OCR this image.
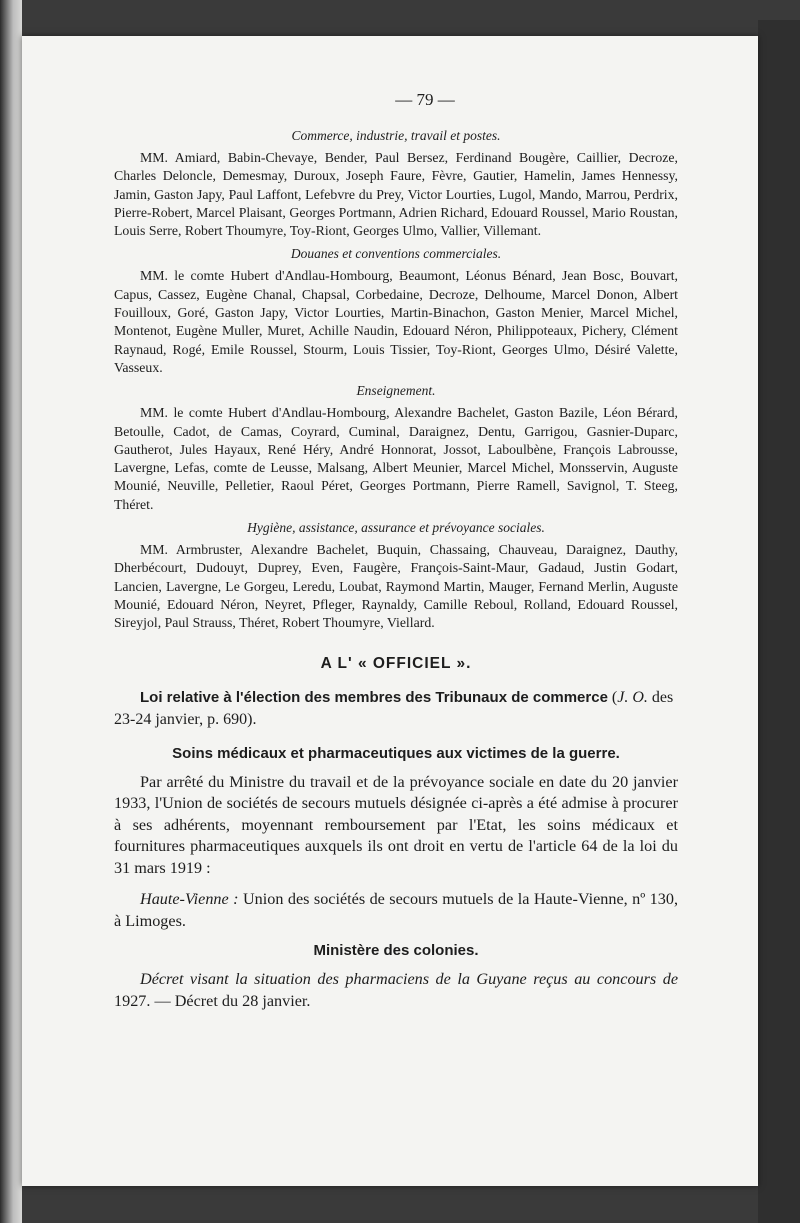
— 79 —
Commerce, industrie, travail et postes.

MM. Amiard, Babin-Chevaye, Bender, Paul Bersez, Ferdinand Bougère, Caillier, Decroze, Charles Deloncle, Demesmay, Duroux, Joseph Faure, Fèvre, Gautier, Hamelin, James Hennessy, Jamin, Gaston Japy, Paul Laffont, Lefebvre du Prey, Victor Lourties, Lugol, Mando, Marrou, Perdrix, Pierre-Robert, Marcel Plaisant, Georges Portmann, Adrien Richard, Edouard Roussel, Mario Roustan, Louis Serre, Robert Thoumyre, Toy-Riont, Georges Ulmo, Vallier, Villemant.

Douanes et conventions commerciales.

MM. le comte Hubert d'Andlau-Hombourg, Beaumont, Léonus Bénard, Jean Bosc, Bouvart, Capus, Cassez, Eugène Chanal, Chapsal, Corbedaine, Decroze, Delhoume, Marcel Donon, Albert Fouilloux, Goré, Gaston Japy, Victor Lourties, Martin-Binachon, Gaston Menier, Marcel Michel, Montenot, Eugène Muller, Muret, Achille Naudin, Edouard Néron, Philippoteaux, Pichery, Clément Raynaud, Rogé, Emile Roussel, Stourm, Louis Tissier, Toy-Riont, Georges Ulmo, Désiré Valette, Vasseux.

Enseignement.

MM. le comte Hubert d'Andlau-Hombourg, Alexandre Bachelet, Gaston Bazile, Léon Bérard, Betoulle, Cadot, de Camas, Coyrard, Cuminal, Daraignez, Dentu, Garrigou, Gasnier-Duparc, Gautherot, Jules Hayaux, René Héry, André Honnorat, Jossot, Laboulbène, François Labrousse, Lavergne, Lefas, comte de Leusse, Malsang, Albert Meunier, Marcel Michel, Monsservin, Auguste Mounié, Neuville, Pelletier, Raoul Péret, Georges Portmann, Pierre Ramell, Savignol, T. Steeg, Théret.

Hygiène, assistance, assurance et prévoyance sociales.

MM. Armbruster, Alexandre Bachelet, Buquin, Chassaing, Chauveau, Daraignez, Dauthy, Dherbécourt, Dudouyt, Duprey, Even, Faugère, François-Saint-Maur, Gadaud, Justin Godart, Lancien, Lavergne, Le Gorgeu, Leredu, Loubat, Raymond Martin, Mauger, Fernand Merlin, Auguste Mounié, Edouard Néron, Neyret, Pfleger, Raynaldy, Camille Reboul, Rolland, Edouard Roussel, Sireyjol, Paul Strauss, Théret, Robert Thoumyre, Viellard.

A L' « OFFICIEL ».

Loi relative à l'élection des membres des Tribunaux de commerce (J. O. des 23-24 janvier, p. 690).

Soins médicaux et pharmaceutiques aux victimes de la guerre.

Par arrêté du Ministre du travail et de la prévoyance sociale en date du 20 janvier 1933, l'Union de sociétés de secours mutuels désignée ci-après a été admise à procurer à ses adhérents, moyennant remboursement par l'Etat, les soins médicaux et fournitures pharmaceutiques auxquels ils ont droit en vertu de l'article 64 de la loi du 31 mars 1919 :

Haute-Vienne : Union des sociétés de secours mutuels de la Haute-Vienne, nº 130, à Limoges.

Ministère des colonies.

Décret visant la situation des pharmaciens de la Guyane reçus au concours de 1927. — Décret du 28 janvier.
